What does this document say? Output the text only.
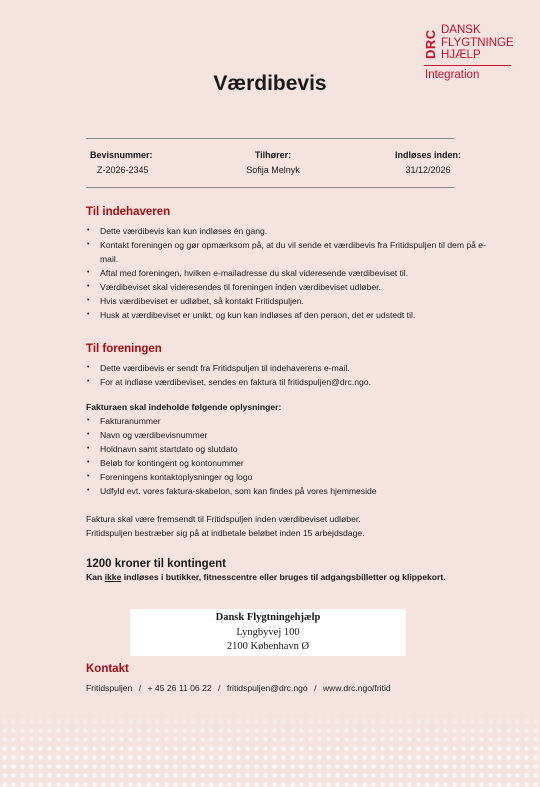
DRC DANSK
FLYGTNINGE
HJÆLP
Integration
Værdibevis
Bevisnummer:
Z-2026-2345
Tilhører:
Sofija Melnyk
Indløses inden:
31/12/2026
Til indehaveren
• Dette værdibevis kan kun indløses én gang.
• Kontakt foreningen og gør opmærksom på, at du vil sende et værdibevis fra Fritidspuljen til dem på e-mail.
• Aftal med foreningen, hvilken e-mailadresse du skal videresende værdibeviset til.
• Værdibeviset skal videresendes til foreningen inden værdibeviset udløber.
• Hvis værdibeviset er udløbet, så kontakt Fritidspuljen.
• Husk at værdibeviset er unikt, og kun kan indløses af den person, det er udstedt til.
Til foreningen
• Dette værdibevis er sendt fra Fritidspuljen til indehaverens e-mail.
• For at indløse værdibeviset, sendes en faktura til fritidspuljen@drc.ngo.
Fakturaen skal indeholde følgende oplysninger:
• Fakturanummer
• Navn og værdibevisnummer
• Holdnavn samt startdato og slutdato
• Beløb for kontingent og kontonummer
• Foreningens kontaktoplysninger og logo
• Udfyld evt. vores faktura-skabelon, som kan findes på vores hjemmeside
Faktura skal være fremsendt til Fritidspuljen inden værdibeviset udløber.
Fritidspuljen bestræber sig på at indbetale beløbet inden 15 arbejdsdage.
1200 kroner til kontingent
Kan ikke indløses i butikker, fitnesscentre eller bruges til adgangsbilletter og klippekort.
Dansk Flygtningehjælp
Lyngbyvej 100
2100 København Ø
Kontakt
Fritidspuljen / + 45 26 11 06 22 / fritidspuljen@drc.ngo / www.drc.ngo/fritid
